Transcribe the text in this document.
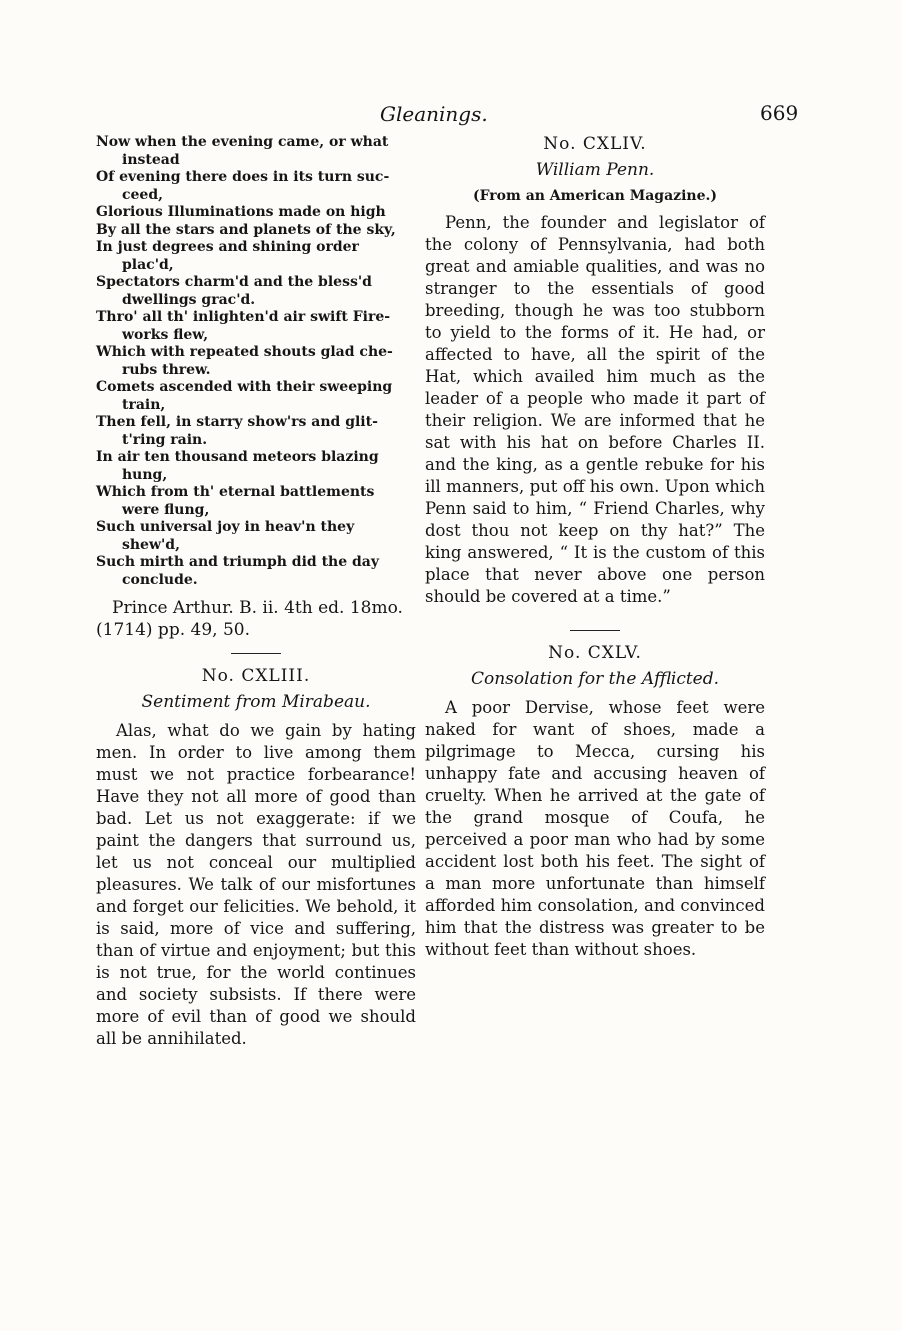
Gleanings.	669
Now when the evening came, or what
instead
Of evening there does in its turn suc-
ceed,
Glorious Illuminations made on high
By all the stars and planets of the sky,
In just degrees and shining order
plac'd,
Spectators charm'd and the bless'd
dwellings grac'd.
Thro' all th' inlighten'd air swift Fire-
works flew,
Which with repeated shouts glad che-
rubs threw.
Comets ascended with their sweeping
train,
Then fell, in starry show'rs and glit-
t'ring rain.
In air ten thousand meteors blazing
hung,
Which from th' eternal battlements
were flung,
Such universal joy in heav'n they
shew'd,
Such mirth and triumph did the day
conclude.
Prince Arthur. B. ii. 4th ed. 18mo. (1714) pp. 49, 50.
No. CXLIII.
Sentiment from Mirabeau.
Alas, what do we gain by hating men. In order to live among them must we not practice forbearance! Have they not all more of good than bad. Let us not exaggerate: if we paint the dangers that surround us, let us not conceal our multiplied pleasures. We talk of our misfortunes and forget our felicities. We behold, it is said, more of vice and suffering, than of virtue and enjoyment; but this is not true, for the world continues and society subsists. If there were more of evil than of good we should all be annihilated.
No. CXLIV.
William Penn.
(From an American Magazine.)
Penn, the founder and legislator of the colony of Pennsylvania, had both great and amiable qualities, and was no stranger to the essentials of good breeding, though he was too stubborn to yield to the forms of it. He had, or affected to have, all the spirit of the Hat, which availed him much as the leader of a people who made it part of their religion. We are informed that he sat with his hat on before Charles II. and the king, as a gentle rebuke for his ill manners, put off his own. Upon which Penn said to him, “ Friend Charles, why dost thou not keep on thy hat?” The king answered, “ It is the custom of this place that never above one person should be covered at a time.”
No. CXLV.
Consolation for the Afflicted.
A poor Dervise, whose feet were naked for want of shoes, made a pilgrimage to Mecca, cursing his unhappy fate and accusing heaven of cruelty. When he arrived at the gate of the grand mosque of Coufa, he perceived a poor man who had by some accident lost both his feet. The sight of a man more unfortunate than himself afforded him consolation, and convinced him that the distress was greater to be without feet than without shoes.
